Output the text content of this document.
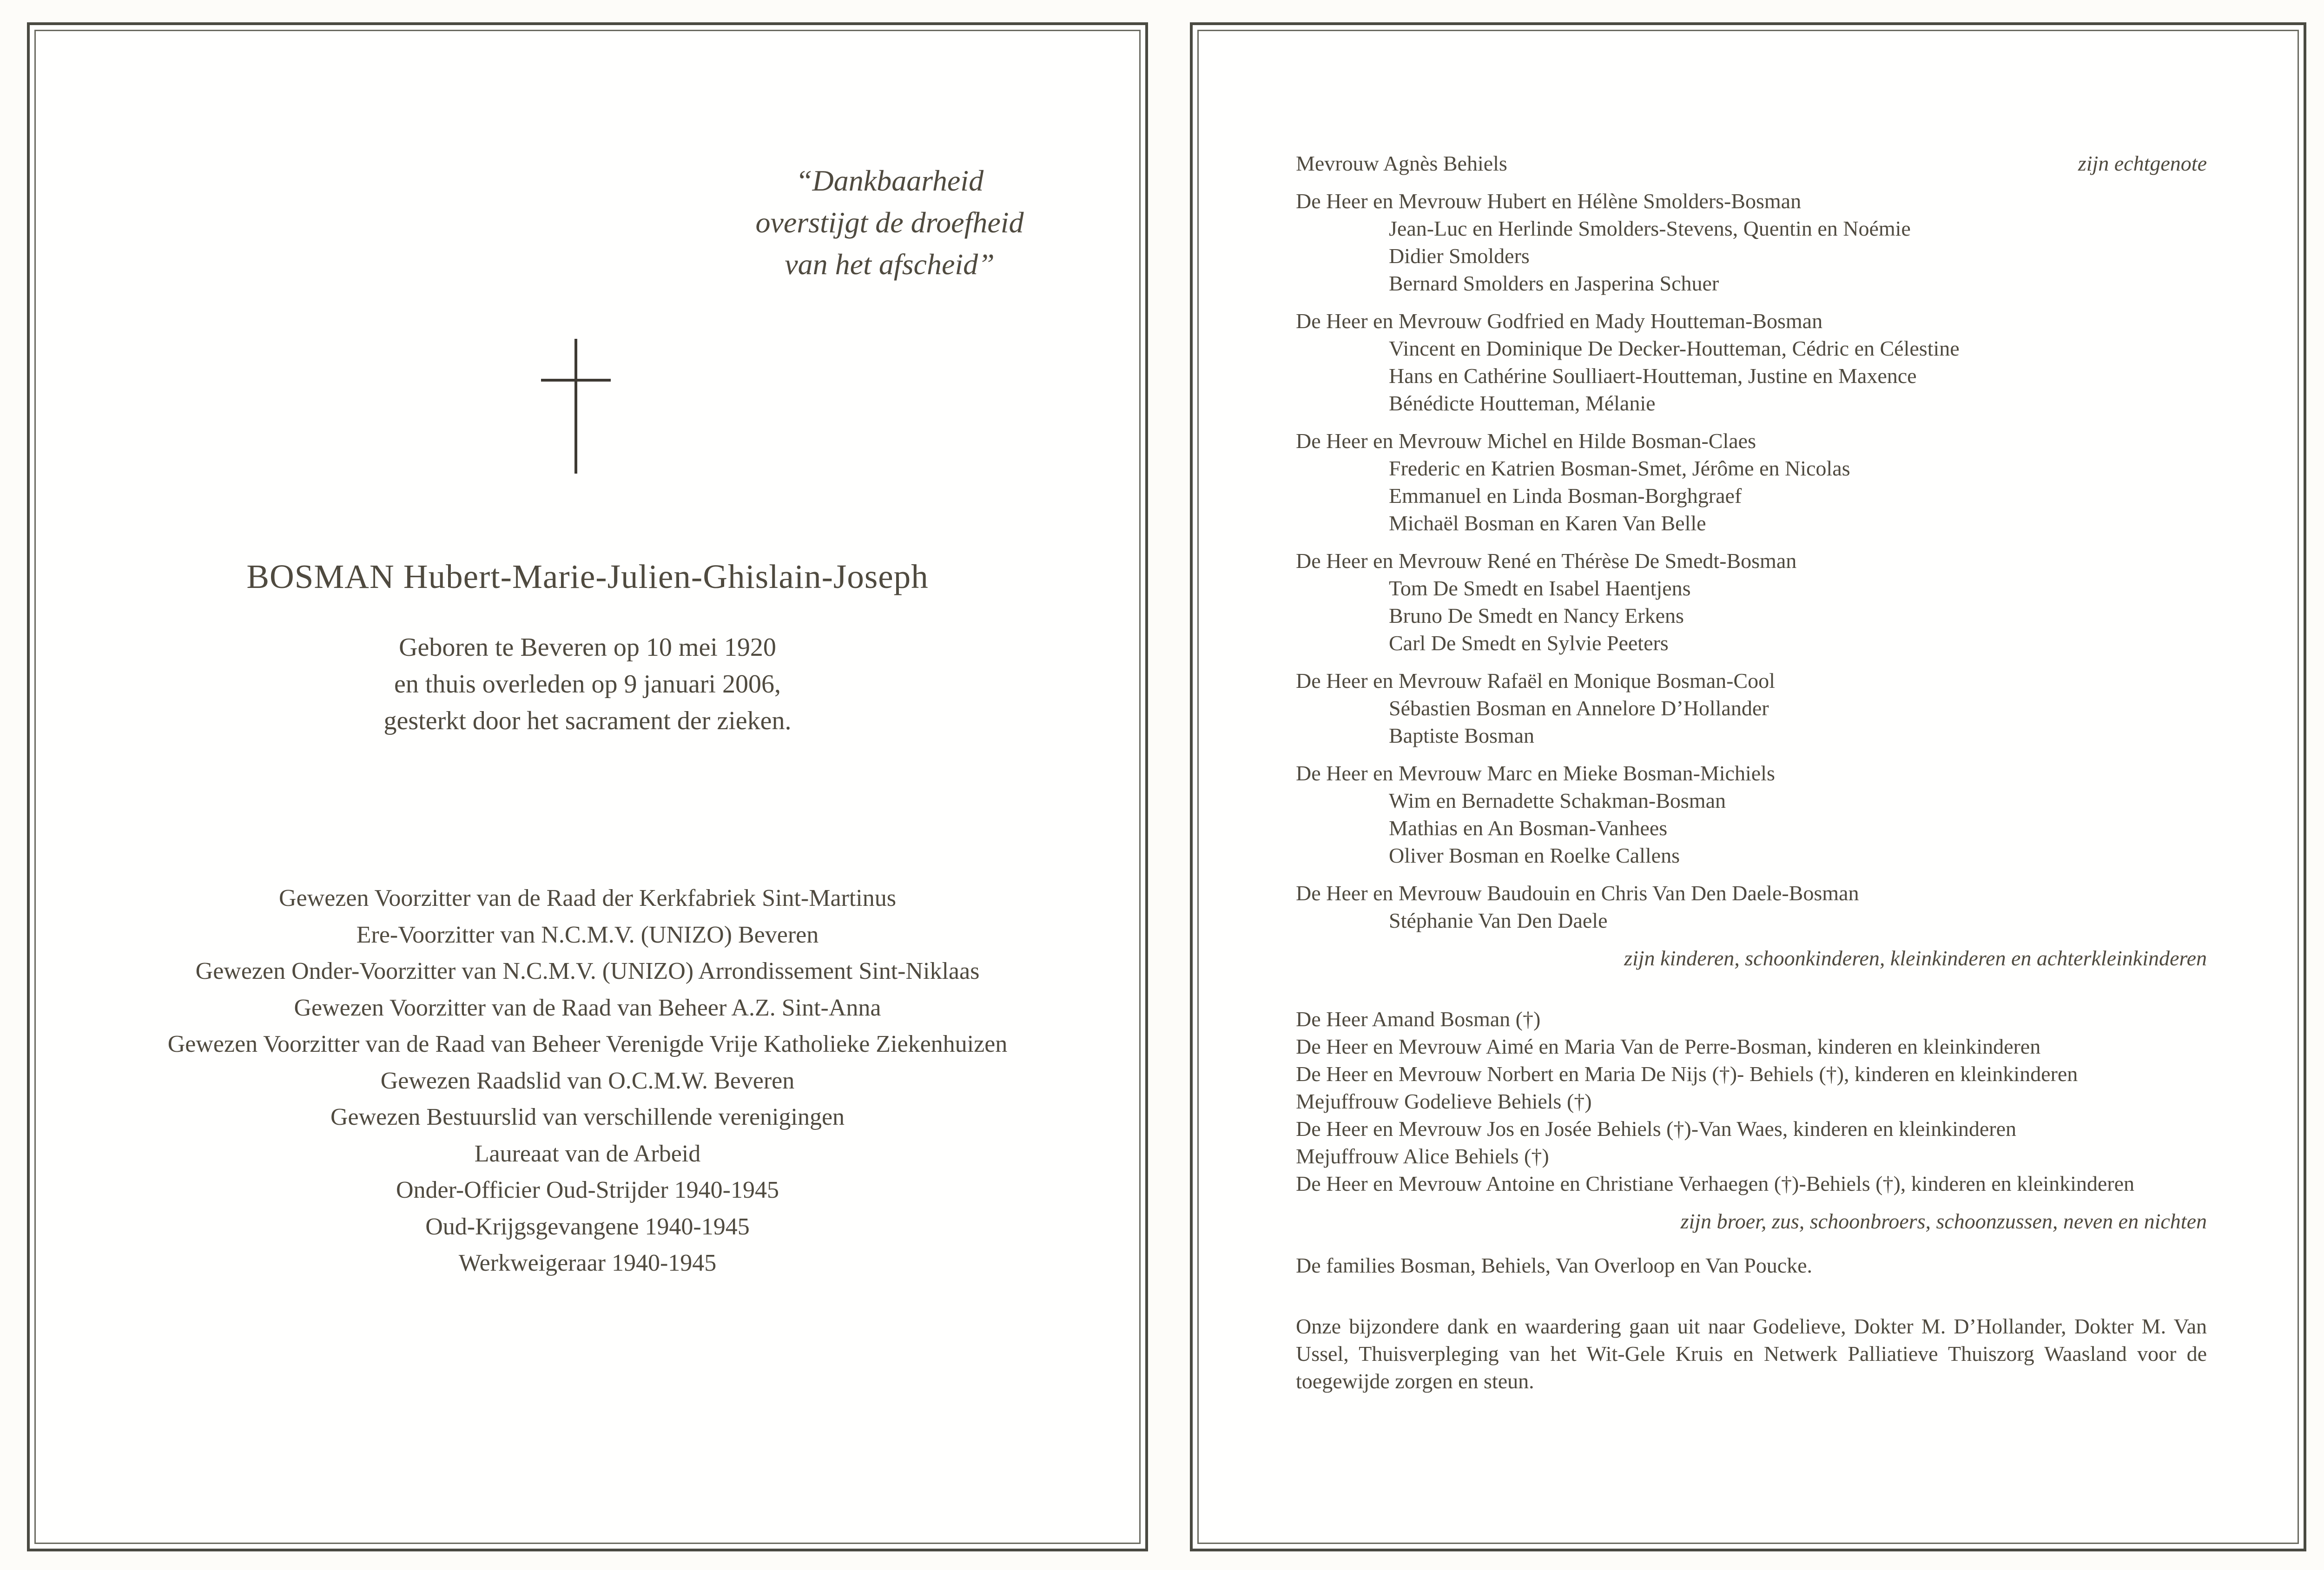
“Dankbaarheid
overstijgt de droefheid
van het afscheid”
BOSMAN Hubert-Marie-Julien-Ghislain-Joseph
Geboren te Beveren op 10 mei 1920
en thuis overleden op 9 januari 2006,
gesterkt door het sacrament der zieken.
Gewezen Voorzitter van de Raad der Kerkfabriek Sint-Martinus
Ere-Voorzitter van N.C.M.V. (UNIZO) Beveren
Gewezen Onder-Voorzitter van N.C.M.V. (UNIZO) Arrondissement Sint-Niklaas
Gewezen Voorzitter van de Raad van Beheer A.Z. Sint-Anna
Gewezen Voorzitter van de Raad van Beheer Verenigde Vrije Katholieke Ziekenhuizen
Gewezen Raadslid van O.C.M.W. Beveren
Gewezen Bestuurslid van verschillende verenigingen
Laureaat van de Arbeid
Onder-Officier Oud-Strijder 1940-1945
Oud-Krijgsgevangene 1940-1945
Werkweigeraar 1940-1945
Mevrouw Agnès Behiels	zijn echtgenote
De Heer en Mevrouw Hubert en Hélène Smolders-Bosman
Jean-Luc en Herlinde Smolders-Stevens, Quentin en Noémie
Didier Smolders
Bernard Smolders en Jasperina Schuer
De Heer en Mevrouw Godfried en Mady Houtteman-Bosman
Vincent en Dominique De Decker-Houtteman, Cédric en Célestine
Hans en Cathérine Soulliaert-Houtteman, Justine en Maxence
Bénédicte Houtteman, Mélanie
De Heer en Mevrouw Michel en Hilde Bosman-Claes
Frederic en Katrien Bosman-Smet, Jérôme en Nicolas
Emmanuel en Linda Bosman-Borghgraef
Michaël Bosman en Karen Van Belle
De Heer en Mevrouw René en Thérèse De Smedt-Bosman
Tom De Smedt en Isabel Haentjens
Bruno De Smedt en Nancy Erkens
Carl De Smedt en Sylvie Peeters
De Heer en Mevrouw Rafaël en Monique Bosman-Cool
Sébastien Bosman en Annelore D’Hollander
Baptiste Bosman
De Heer en Mevrouw Marc en Mieke Bosman-Michiels
Wim en Bernadette Schakman-Bosman
Mathias en An Bosman-Vanhees
Oliver Bosman en Roelke Callens
De Heer en Mevrouw Baudouin en Chris Van Den Daele-Bosman
Stéphanie Van Den Daele
zijn kinderen, schoonkinderen, kleinkinderen en achterkleinkinderen
De Heer Amand Bosman (†)
De Heer en Mevrouw Aimé en Maria Van de Perre-Bosman, kinderen en kleinkinderen
De Heer en Mevrouw Norbert en Maria De Nijs (†)- Behiels (†), kinderen en kleinkinderen
Mejuffrouw Godelieve Behiels (†)
De Heer en Mevrouw Jos en Josée Behiels (†)-Van Waes, kinderen en kleinkinderen
Mejuffrouw Alice Behiels (†)
De Heer en Mevrouw Antoine en Christiane Verhaegen (†)-Behiels (†), kinderen en kleinkinderen
zijn broer, zus, schoonbroers, schoonzussen, neven en nichten
De families Bosman, Behiels, Van Overloop en Van Poucke.
Onze bijzondere dank en waardering gaan uit naar Godelieve, Dokter M. D’Hollander, Dokter M. Van Ussel, Thuisverpleging van het Wit-Gele Kruis en Netwerk Palliatieve Thuiszorg Waasland voor de toegewijde zorgen en steun.
